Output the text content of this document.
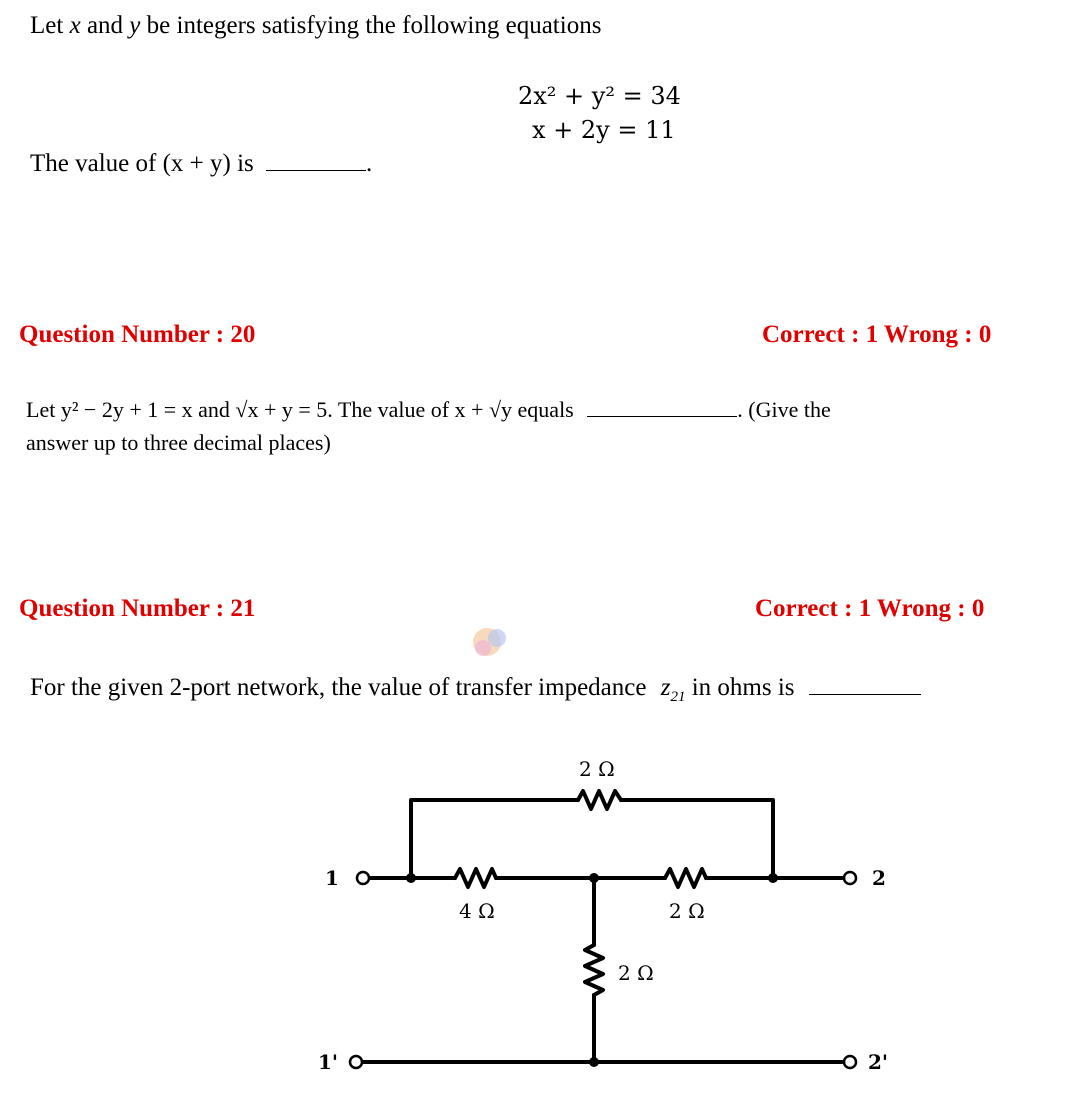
Let x and y be integers satisfying the following equations
2x² + y² = 34
x + 2y = 11
The value of (x + y) is	.
Question Number : 20	Correct : 1 Wrong : 0
Let y² − 2y + 1 = x and √x + y = 5. The value of x + √y equals	. (Give the
answer up to three decimal places)
Question Number : 21	Correct : 1 Wrong : 0
For the given 2-port network, the value of transfer impedance $z_{21}$ in ohms is
2 Ω
4 Ω	2 Ω
2 Ω
1
1'
2
2'
